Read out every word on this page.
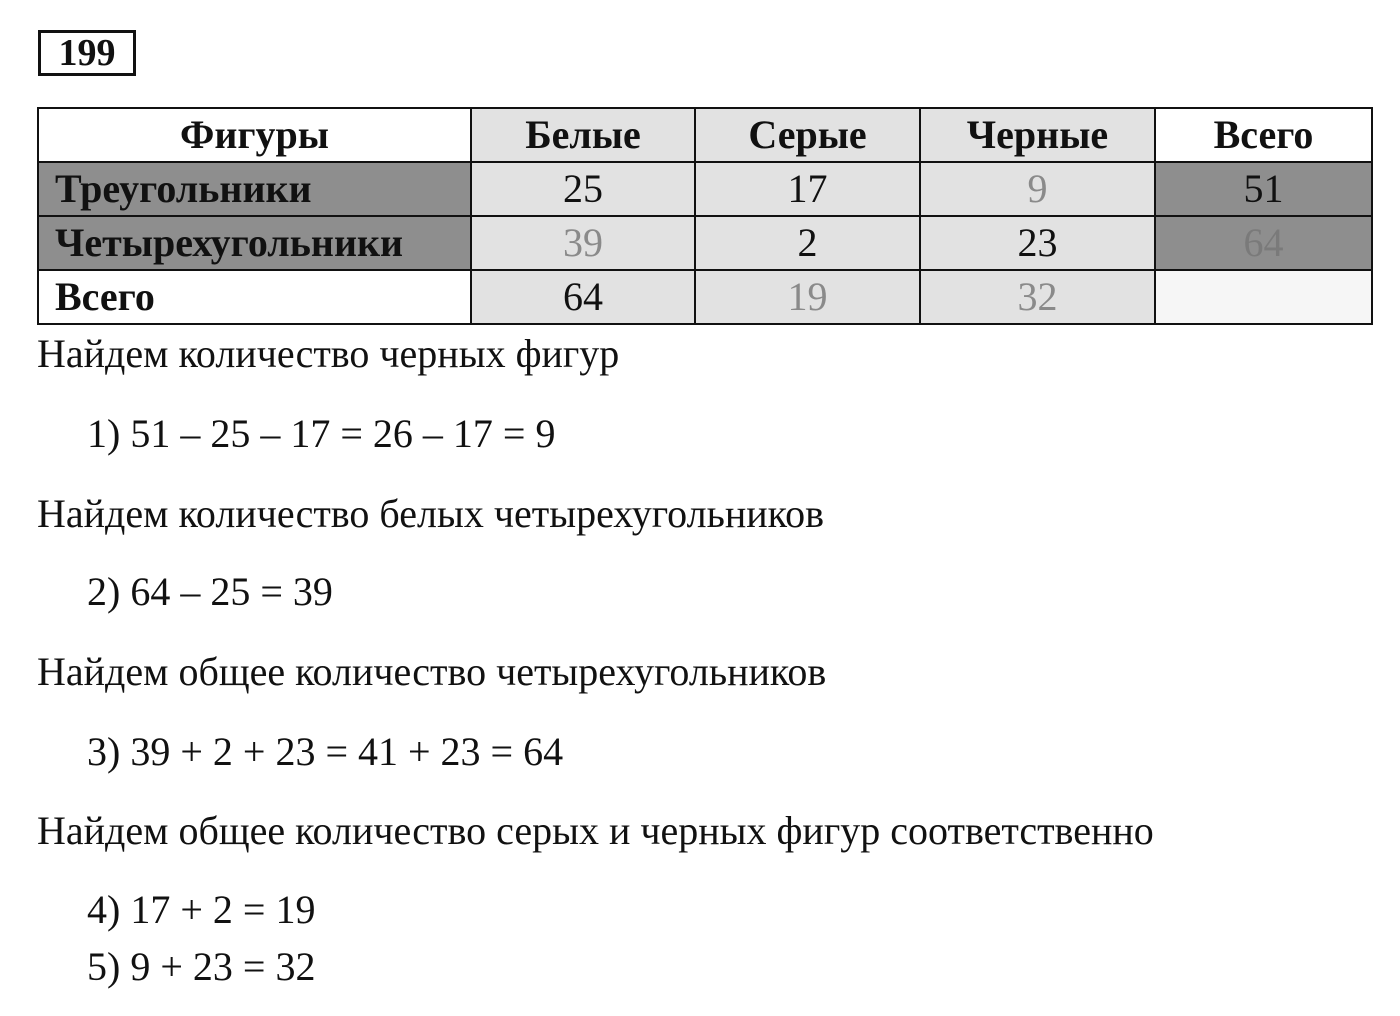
199
Фигуры	Белые	Серые	Черные	Всего
Треугольники	25	17	9	51
Четырехугольники	39	2	23	64
Всего	64	19	32	
Найдем количество черных фигур
1) 51 – 25 – 17 = 26 – 17 = 9
Найдем количество белых четырехугольников
2) 64 – 25 = 39
Найдем общее количество четырехугольников
3) 39 + 2 + 23 = 41 + 23 = 64
Найдем общее количество серых и черных фигур соответственно
4) 17 + 2 = 19
5) 9 + 23 = 32
